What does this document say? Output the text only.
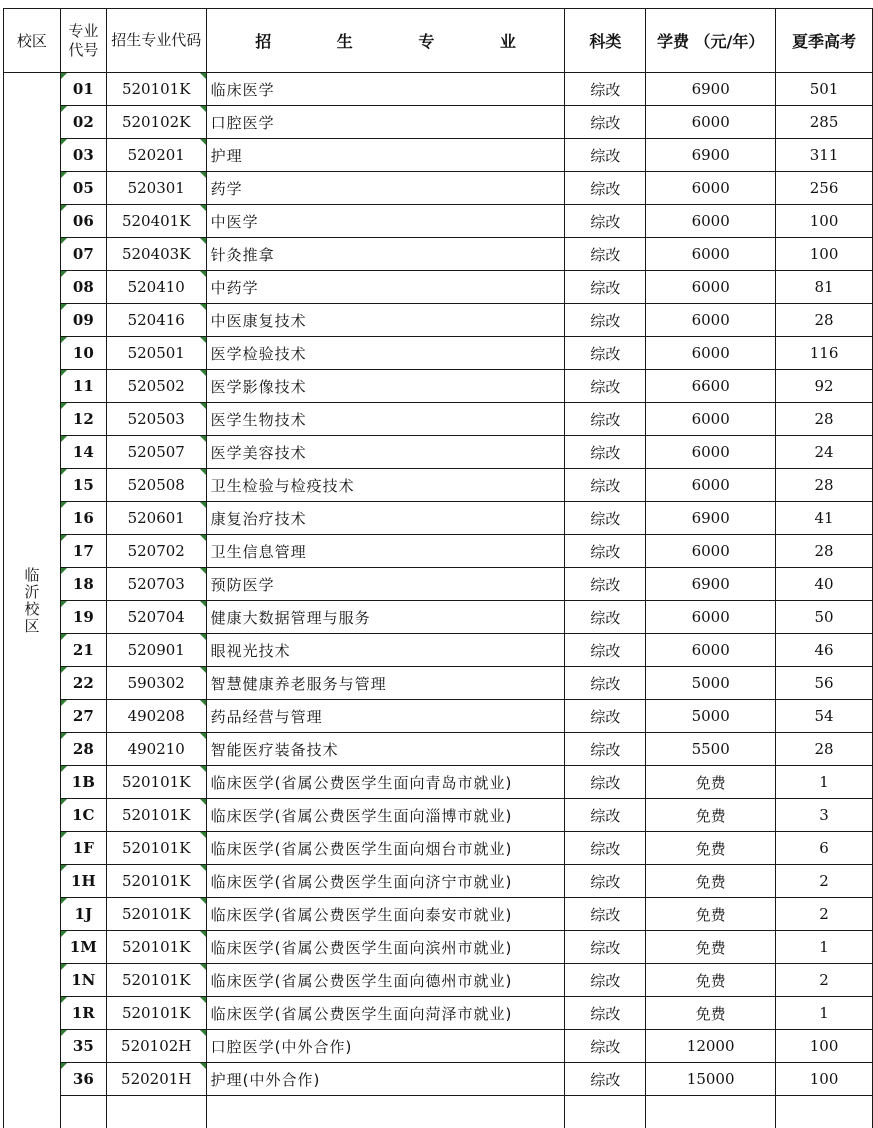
校区	专业代号	招生专业代码	招 生 专 业	科类	学费 （元/年）	夏季高考
临沂校区	01	520101K	临床医学	综改	6900	501
	02	520102K	口腔医学	综改	6000	285
	03	520201	护理	综改	6900	311
	05	520301	药学	综改	6000	256
	06	520401K	中医学	综改	6000	100
	07	520403K	针灸推拿	综改	6000	100
	08	520410	中药学	综改	6000	81
	09	520416	中医康复技术	综改	6000	28
	10	520501	医学检验技术	综改	6000	116
	11	520502	医学影像技术	综改	6600	92
	12	520503	医学生物技术	综改	6000	28
	14	520507	医学美容技术	综改	6000	24
	15	520508	卫生检验与检疫技术	综改	6000	28
	16	520601	康复治疗技术	综改	6900	41
	17	520702	卫生信息管理	综改	6000	28
	18	520703	预防医学	综改	6900	40
	19	520704	健康大数据管理与服务	综改	6000	50
	21	520901	眼视光技术	综改	6000	46
	22	590302	智慧健康养老服务与管理	综改	5000	56
	27	490208	药品经营与管理	综改	5000	54
	28	490210	智能医疗装备技术	综改	5500	28
	1B	520101K	临床医学(省属公费医学生面向青岛市就业)	综改	免费	1
	1C	520101K	临床医学(省属公费医学生面向淄博市就业)	综改	免费	3
	1F	520101K	临床医学(省属公费医学生面向烟台市就业)	综改	免费	6
	1H	520101K	临床医学(省属公费医学生面向济宁市就业)	综改	免费	2
	1J	520101K	临床医学(省属公费医学生面向泰安市就业)	综改	免费	2
	1M	520101K	临床医学(省属公费医学生面向滨州市就业)	综改	免费	1
	1N	520101K	临床医学(省属公费医学生面向德州市就业)	综改	免费	2
	1R	520101K	临床医学(省属公费医学生面向菏泽市就业)	综改	免费	1
	35	520102H	口腔医学(中外合作)	综改	12000	100
	36	520201H	护理(中外合作)	综改	15000	100
